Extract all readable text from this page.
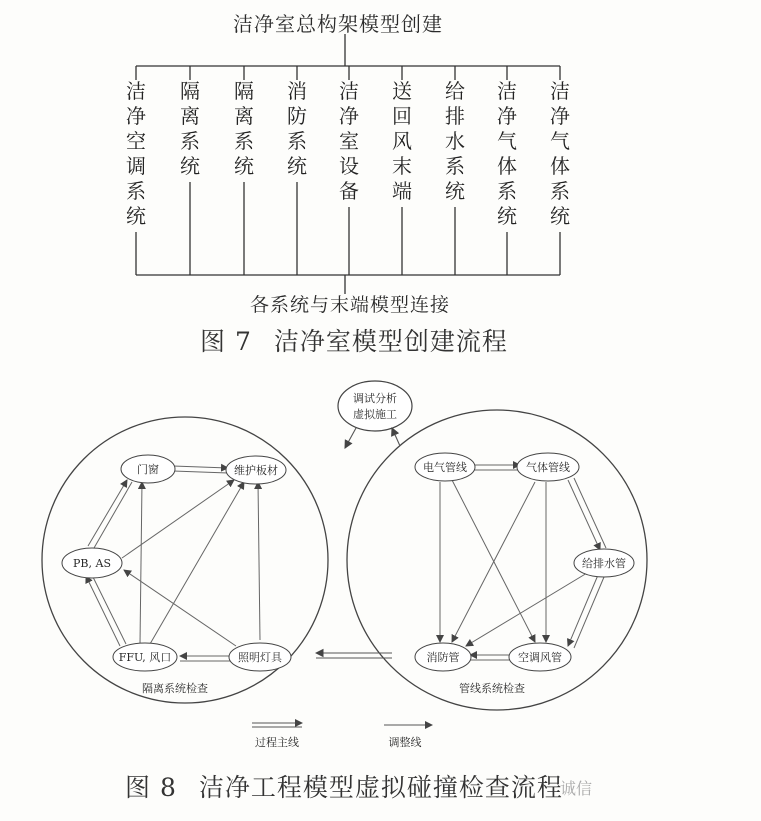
洁净室总构架模型创建
洁净空调系统
隔离系统
隔离系统
消防系统
洁净室设备
送回风末端
给排水系统
洁净气体系统
洁净气体系统
各系统与末端模型连接
图 7 洁净室模型创建流程
调试分析
虚拟施工
门窗	维护板材
PB, AS
FFU, 风口	照明灯具
电气管线	气体管线
给排水管
消防管	空调风管
隔离系统检查	管线系统检查
过程主线	调整线
图 8 洁净工程模型虚拟碰撞检查流程
诚信
